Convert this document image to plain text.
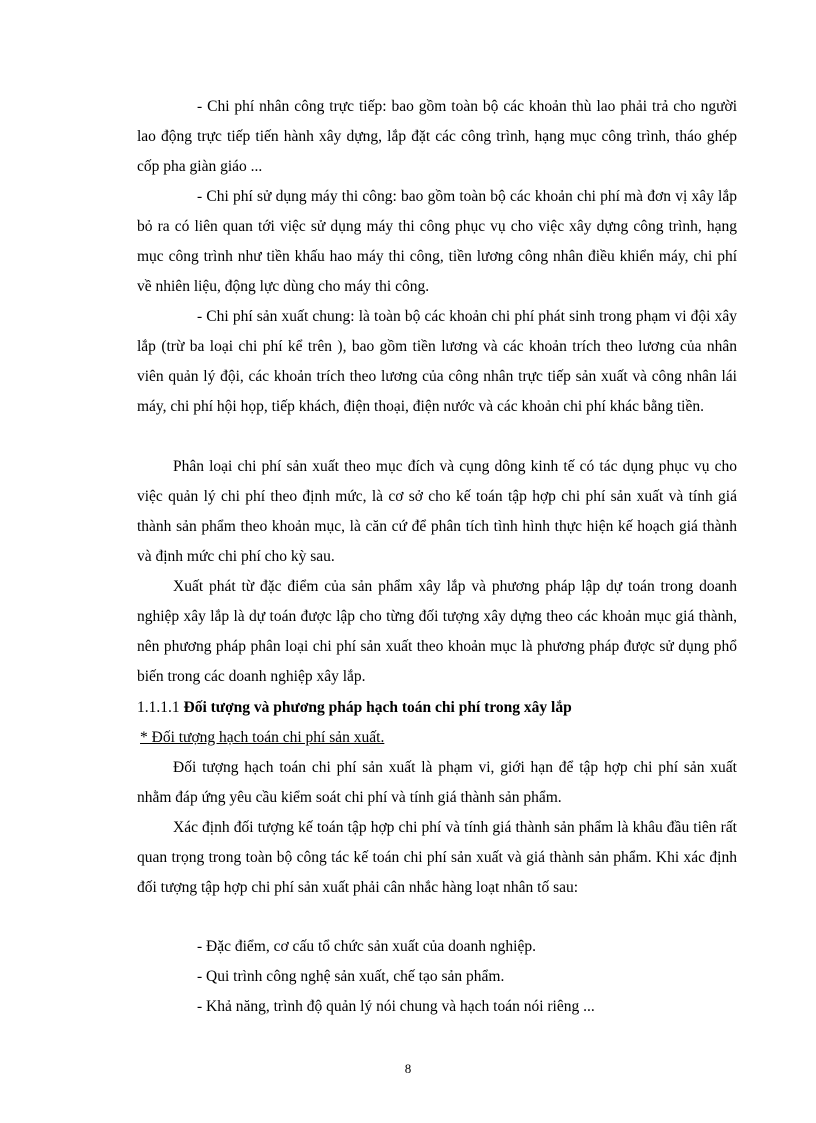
- Chi phí nhân công trực tiếp: bao gồm toàn bộ các khoản thù lao phải trả cho người lao động trực tiếp tiến hành xây dựng, lắp đặt các công trình, hạng mục công trình, tháo ghép cốp pha giàn giáo ...

- Chi phí sử dụng máy thi công: bao gồm toàn bộ các khoản chi phí mà đơn vị xây lắp bỏ ra có liên quan tới việc sử dụng máy thi công phục vụ cho việc xây dựng công trình, hạng mục công trình như tiền khấu hao máy thi công, tiền lương công nhân điều khiển máy, chi phí về nhiên liệu, động lực dùng cho máy thi công.

- Chi phí sản xuất chung: là toàn bộ các khoản chi phí phát sinh trong phạm vi đội xây lắp (trừ ba loại chi phí kể trên ), bao gồm tiền lương và các khoản trích theo lương của nhân viên quản lý đội, các khoản trích theo lương của công nhân trực tiếp sản xuất và công nhân lái máy, chi phí hội họp, tiếp khách, điện thoại, điện nước và các khoản chi phí khác bằng tiền.

Phân loại chi phí sản xuất theo mục đích và cụng dông kinh tế có tác dụng phục vụ cho việc quản lý chi phí theo định mức, là cơ sở cho kế toán tập hợp chi phí sản xuất và tính giá thành sản phẩm theo khoản mục, là căn cứ để phân tích tình hình thực hiện kế hoạch giá thành và định mức chi phí cho kỳ sau.

Xuất phát từ đặc điểm của sản phẩm xây lắp và phương pháp lập dự toán trong doanh nghiệp xây lắp là dự toán được lập cho từng đối tượng xây dựng theo các khoản mục giá thành, nên phương pháp phân loại chi phí sản xuất theo khoản mục là phương pháp được sử dụng phổ biến trong các doanh nghiệp xây lắp.

1.1.1.1 Đối tượng và phương pháp hạch toán chi phí trong xây lắp
* Đối tượng hạch toán chi phí sản xuất.

Đối tượng hạch toán chi phí sản xuất là phạm vi, giới hạn để tập hợp chi phí sản xuất nhằm đáp ứng yêu cầu kiểm soát chi phí và tính giá thành sản phẩm.

Xác định đối tượng kế toán tập hợp chi phí và tính giá thành sản phẩm là khâu đầu tiên rất quan trọng trong toàn bộ công tác kế toán chi phí sản xuất và giá thành sản phẩm. Khi xác định đối tượng tập hợp chi phí sản xuất phải cân nhắc hàng loạt nhân tố sau:

- Đặc điểm, cơ cấu tổ chức sản xuất của doanh nghiệp.
- Qui trình công nghệ sản xuất, chế tạo sản phẩm.
- Khả năng, trình độ quản lý nói chung và hạch toán nói riêng ...
8
